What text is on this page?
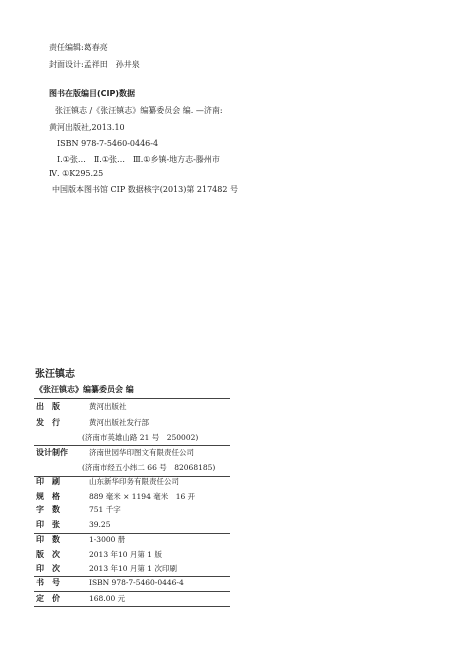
责任编辑:葛春亮
封面设计:孟祥田　孙井泉
图书在版编目(CIP)数据
张汪镇志 /《张汪镇志》编纂委员会 编. —济南:
黄河出版社,2013.10
ISBN 978-7-5460-0446-4
Ⅰ.①张…　Ⅱ.①张…　Ⅲ.①乡镇-地方志-滕州市
Ⅳ. ①K295.25
中国版本图书馆 CIP 数据核字(2013)第 217482 号
张汪镇志
《张汪镇志》编纂委员会 编
出　版	黄河出版社
发　行	黄河出版社发行部
(济南市英雄山路 21 号　250002)
设计制作	济南世园华印图文有限责任公司
(济南市经五小纬二 66 号　82068185)
印　刷	山东新华印务有限责任公司
规　格	889 毫米 × 1194 毫米　16 开
字　数	751 千字
印　张	39.25
印　数	1-3000 册
版　次	2013 年10 月第 1 版
印　次	2013 年10 月第 1 次印刷
书　号	ISBN 978-7-5460-0446-4
定　价	168.00 元
